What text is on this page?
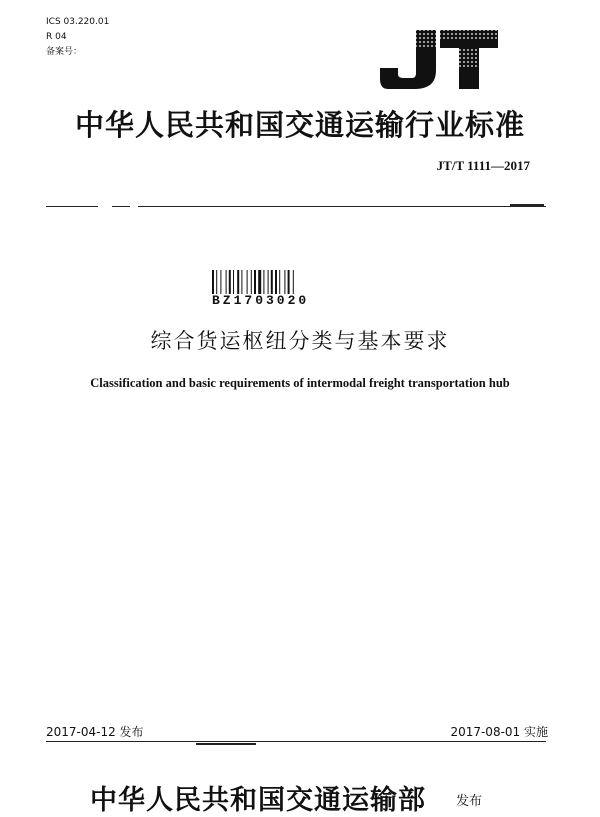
ICS 03.220.01
R 04
备案号：
中华人民共和国交通运输行业标准
JT/T 1111—2017
BZ1703020
综合货运枢纽分类与基本要求
Classification and basic requirements of intermodal freight transportation hub
2017-04-12 发布	2017-08-01 实施
中华人民共和国交通运输部 发布
